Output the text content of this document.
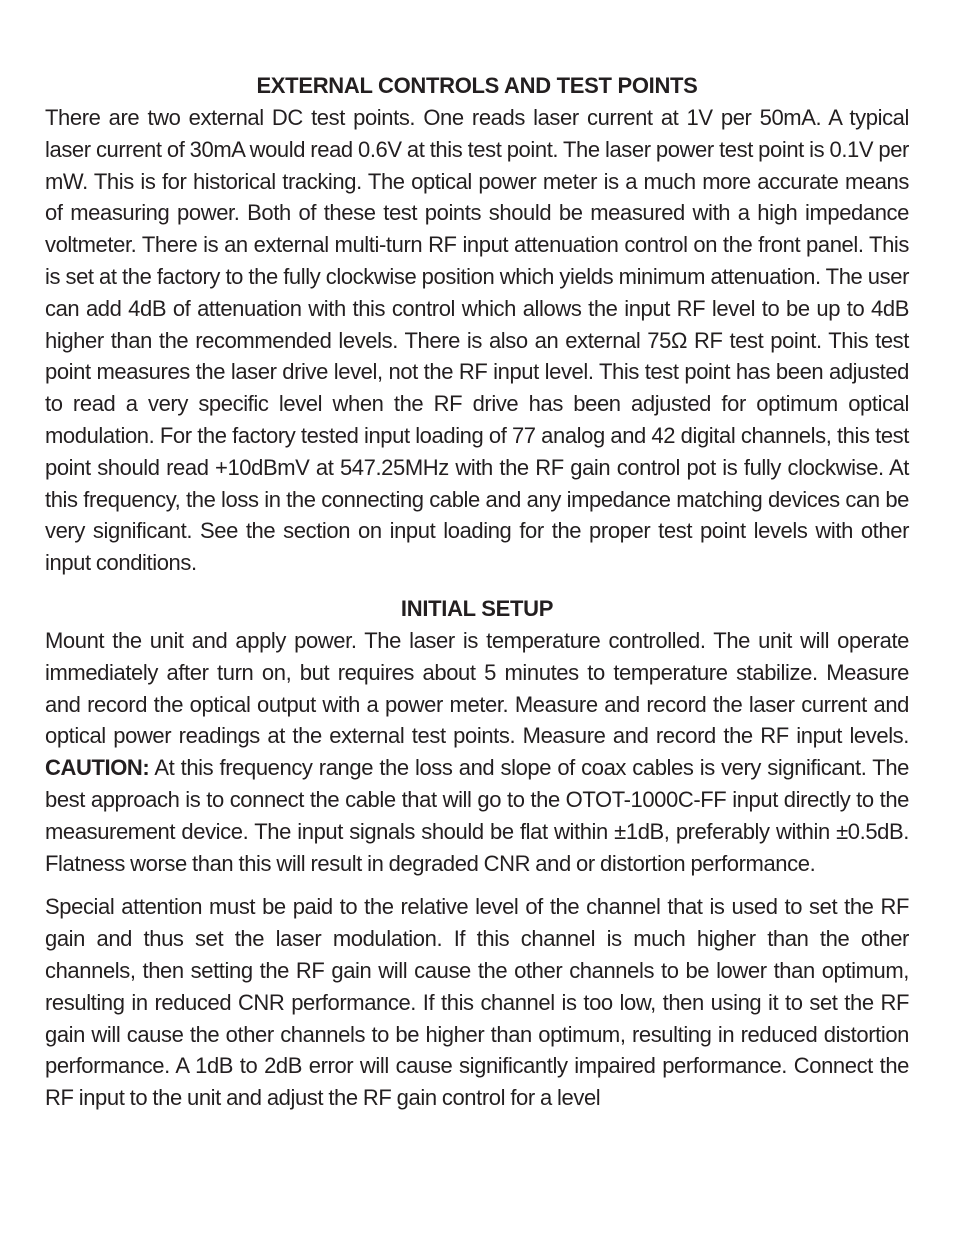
EXTERNAL CONTROLS AND TEST POINTS

There are two external DC test points. One reads laser current at 1V per 50mA. A typical laser current of 30mA would read 0.6V at this test point. The laser power test point is 0.1V per mW. This is for historical tracking. The optical power meter is a much more accurate means of measuring power. Both of these test points should be measured with a high impedance voltmeter. There is an external multi-turn RF input attenuation control on the front panel. This is set at the factory to the fully clockwise position which yields minimum attenuation. The user can add 4dB of attenuation with this control which allows the input RF level to be up to 4dB higher than the recommended levels. There is also an external 75Ω RF test point. This test point measures the laser drive level, not the RF input level. This test point has been adjusted to read a very specific level when the RF drive has been adjusted for optimum optical modulation. For the factory tested input loading of 77 analog and 42 digital channels, this test point should read +10dBmV at 547.25MHz with the RF gain control pot is fully clockwise. At this frequency, the loss in the connecting cable and any impedance matching devices can be very significant. See the section on input loading for the proper test point levels with other input conditions.

INITIAL SETUP

Mount the unit and apply power. The laser is temperature controlled. The unit will operate immediately after turn on, but requires about 5 minutes to temperature stabilize. Measure and record the optical output with a power meter. Measure and record the laser current and optical power readings at the external test points. Measure and record the RF input levels. CAUTION: At this frequency range the loss and slope of coax cables is very significant. The best approach is to connect the cable that will go to the OTOT-1000C-FF input directly to the measurement device. The input signals should be flat within ±1dB, preferably within ±0.5dB. Flatness worse than this will result in degraded CNR and or distortion performance.

Special attention must be paid to the relative level of the channel that is used to set the RF gain and thus set the laser modulation. If this channel is much higher than the other channels, then setting the RF gain will cause the other channels to be lower than optimum, resulting in reduced CNR performance. If this channel is too low, then using it to set the RF gain will cause the other channels to be higher than optimum, resulting in reduced distortion performance. A 1dB to 2dB error will cause significantly impaired performance. Connect the RF input to the unit and adjust the RF gain control for a level
